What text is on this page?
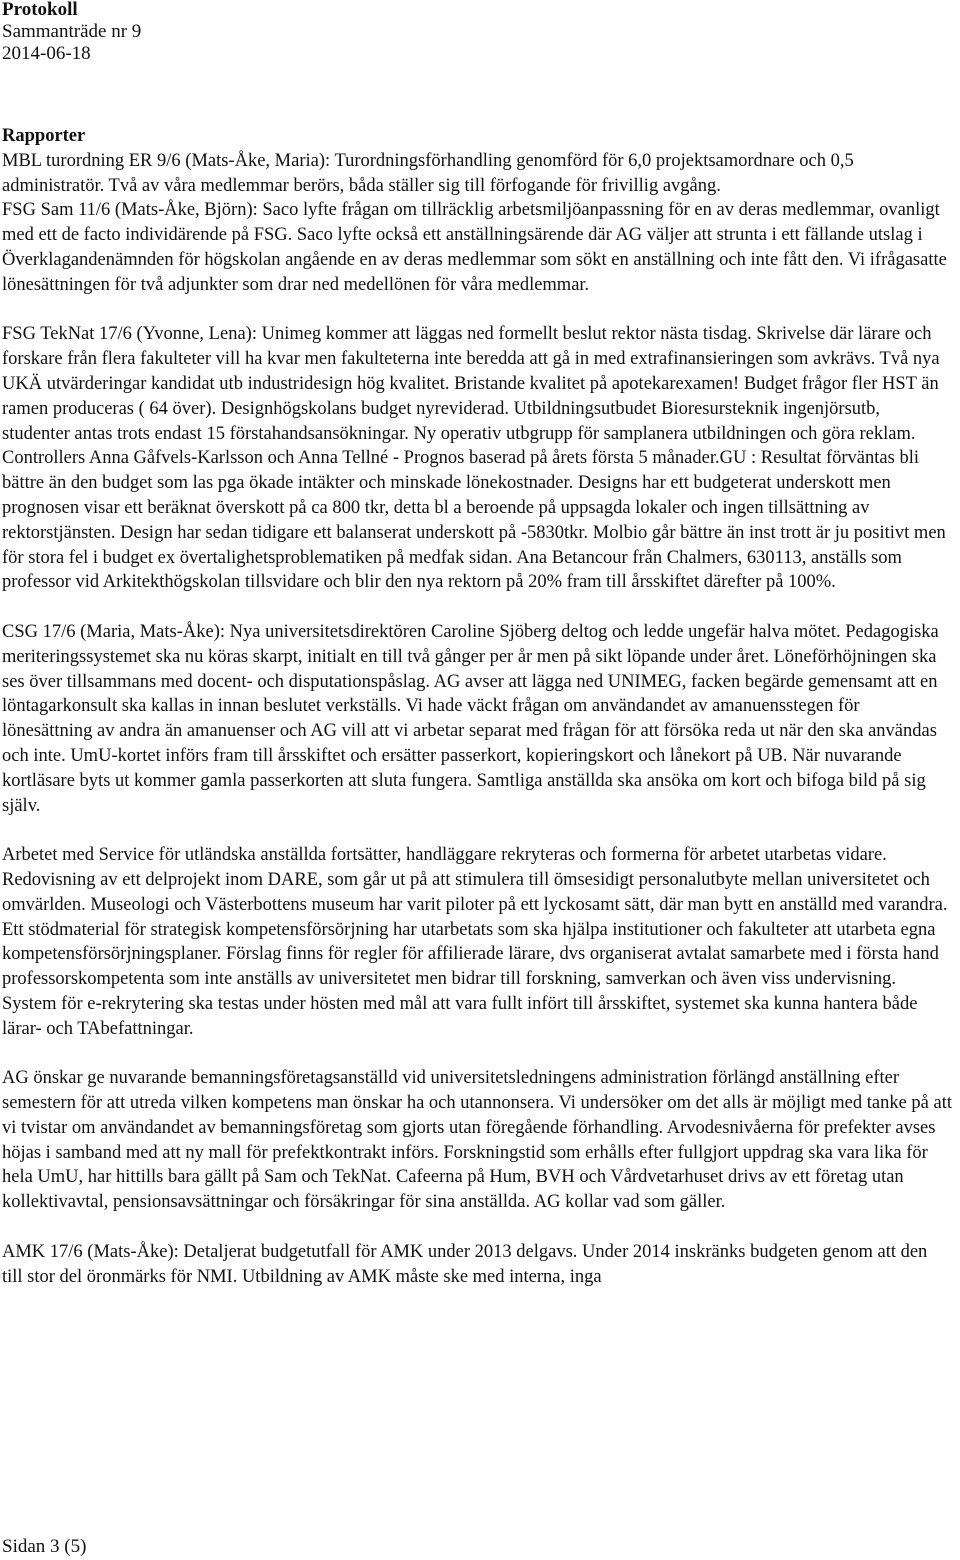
Protokoll
Sammanträde nr 9
2014-06-18
Rapporter

MBL turordning ER 9/6 (Mats-Åke, Maria): Turordningsförhandling genomförd för 6,0 projektsamordnare och 0,5 administratör. Två av våra medlemmar berörs, båda ställer sig till förfogande för frivillig avgång.

FSG Sam 11/6 (Mats-Åke, Björn): Saco lyfte frågan om tillräcklig arbetsmiljöanpassning för en av deras medlemmar, ovanligt med ett de facto individärende på FSG. Saco lyfte också ett anställningsärende där AG väljer att strunta i ett fällande utslag i Överklagandenämnden för högskolan angående en av deras medlemmar som sökt en anställning och inte fått den. Vi ifrågasatte lönesättningen för två adjunkter som drar ned medellönen för våra medlemmar.

FSG TekNat 17/6 (Yvonne, Lena): Unimeg kommer att läggas ned formellt beslut rektor nästa tisdag. Skrivelse där lärare och forskare från flera fakulteter vill ha kvar men fakulteterna inte beredda att gå in med extrafinansieringen som avkrävs. Två nya UKÄ utvärderingar kandidat utb industridesign hög kvalitet. Bristande kvalitet på apotekarexamen! Budget frågor fler HST än ramen produceras ( 64 över). Designhögskolans budget nyreviderad. Utbildningsutbudet Bioresursteknik ingenjörsutb, studenter antas trots endast 15 förstahandsansökningar. Ny operativ utbgrupp för samplanera utbildningen och göra reklam. Controllers Anna Gåfvels-Karlsson och Anna Tellné - Prognos baserad på årets första 5 månader.GU : Resultat förväntas bli bättre än den budget som las pga ökade intäkter och minskade lönekostnader. Designs har ett budgeterat underskott men prognosen visar ett beräknat överskott på ca 800 tkr, detta bl a beroende på uppsagda lokaler och ingen tillsättning av rektorstjänsten. Design har sedan tidigare ett balanserat underskott på -5830tkr. Molbio går bättre än inst trott är ju positivt men för stora fel i budget ex övertalighetsproblematiken på medfak sidan. Ana Betancour från Chalmers, 630113, anställs som professor vid Arkitekthögskolan tillsvidare och blir den nya rektorn på 20% fram till årsskiftet därefter på 100%.

CSG 17/6 (Maria, Mats-Åke): Nya universitetsdirektören Caroline Sjöberg deltog och ledde ungefär halva mötet. Pedagogiska meriteringssystemet ska nu köras skarpt, initialt en till två gånger per år men på sikt löpande under året. Löneförhöjningen ska ses över tillsammans med docent- och disputationspåslag. AG avser att lägga ned UNIMEG, facken begärde gemensamt att en löntagarkonsult ska kallas in innan beslutet verkställs. Vi hade väckt frågan om användandet av amanuensstegen för lönesättning av andra än amanuenser och AG vill att vi arbetar separat med frågan för att försöka reda ut när den ska användas och inte. UmU-kortet införs fram till årsskiftet och ersätter passerkort, kopieringskort och lånekort på UB. När nuvarande kortläsare byts ut kommer gamla passerkorten att sluta fungera. Samtliga anställda ska ansöka om kort och bifoga bild på sig själv.

Arbetet med Service för utländska anställda fortsätter, handläggare rekryteras och formerna för arbetet utarbetas vidare. Redovisning av ett delprojekt inom DARE, som går ut på att stimulera till ömsesidigt personalutbyte mellan universitetet och omvärlden. Museologi och Västerbottens museum har varit piloter på ett lyckosamt sätt, där man bytt en anställd med varandra. Ett stödmaterial för strategisk kompetensförsörjning har utarbetats som ska hjälpa institutioner och fakulteter att utarbeta egna kompetensförsörjningsplaner. Förslag finns för regler för affilierade lärare, dvs organiserat avtalat samarbete med i första hand professorskompetenta som inte anställs av universitetet men bidrar till forskning, samverkan och även viss undervisning. System för e-rekrytering ska testas under hösten med mål att vara fullt infört till årsskiftet, systemet ska kunna hantera både lärar- och TAbefattningar.

AG önskar ge nuvarande bemanningsföretagsanställd vid universitetsledningens administration förlängd anställning efter semestern för att utreda vilken kompetens man önskar ha och utannonsera. Vi undersöker om det alls är möjligt med tanke på att vi tvistar om användandet av bemanningsföretag som gjorts utan föregående förhandling. Arvodesnivåerna för prefekter avses höjas i samband med att ny mall för prefektkontrakt införs. Forskningstid som erhålls efter fullgjort uppdrag ska vara lika för hela UmU, har hittills bara gällt på Sam och TekNat. Cafeerna på Hum, BVH och Vårdvetarhuset drivs av ett företag utan kollektivavtal, pensionsavsättningar och försäkringar för sina anställda. AG kollar vad som gäller.

AMK 17/6 (Mats-Åke): Detaljerat budgetutfall för AMK under 2013 delgavs. Under 2014 inskränks budgeten genom att den till stor del öronmärks för NMI. Utbildning av AMK måste ske med interna, inga

Sidan 3 (5)
